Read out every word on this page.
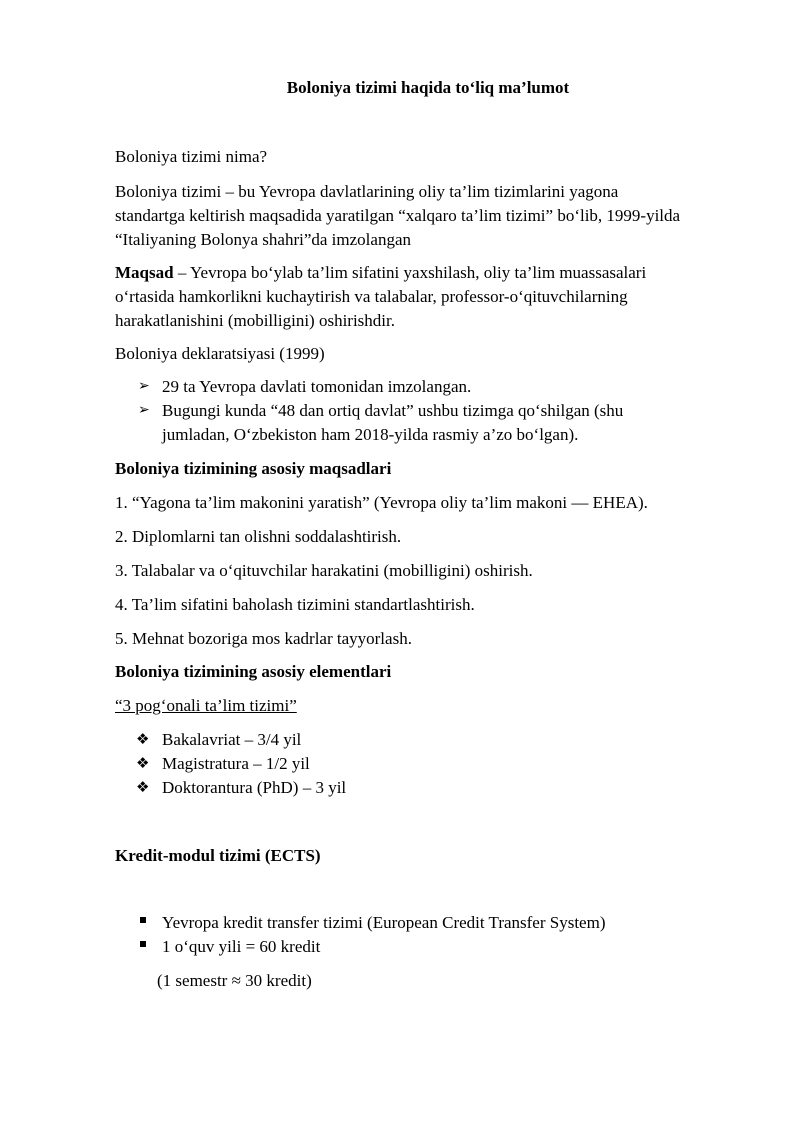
Boloniya tizimi haqida to‘liq ma’lumot
Boloniya tizimi nima?
Boloniya tizimi – bu Yevropa davlatlarining oliy ta’lim tizimlarini yagona
standartga keltirish maqsadida yaratilgan “xalqaro ta’lim tizimi” bo‘lib, 1999-yilda
“Italiyaning Bolonya shahri”da imzolangan
Maqsad – Yevropa bo‘ylab ta’lim sifatini yaxshilash, oliy ta’lim muassasalari
o‘rtasida hamkorlikni kuchaytirish va talabalar, professor-o‘qituvchilarning
harakatlanishini (mobilligini) oshirishdir.
Boloniya deklaratsiyasi (1999)
➢ 29 ta Yevropa davlati tomonidan imzolangan.
➢ Bugungi kunda “48 dan ortiq davlat” ushbu tizimga qo‘shilgan (shu
jumladan, O‘zbekiston ham 2018-yilda rasmiy a’zo bo‘lgan).
Boloniya tizimining asosiy maqsadlari
1. “Yagona ta’lim makonini yaratish” (Yevropa oliy ta’lim makoni — EHEA).
2. Diplomlarni tan olishni soddalashtirish.
3. Talabalar va o‘qituvchilar harakatini (mobilligini) oshirish.
4. Ta’lim sifatini baholash tizimini standartlashtirish.
5. Mehnat bozoriga mos kadrlar tayyorlash.
Boloniya tizimining asosiy elementlari
“3 pog‘onali ta’lim tizimi”
❖ Bakalavriat – 3/4 yil
❖ Magistratura – 1/2 yil
❖ Doktorantura (PhD) – 3 yil
Kredit-modul tizimi (ECTS)
Yevropa kredit transfer tizimi (European Credit Transfer System)
1 o‘quv yili = 60 kredit
(1 semestr ≈ 30 kredit)
